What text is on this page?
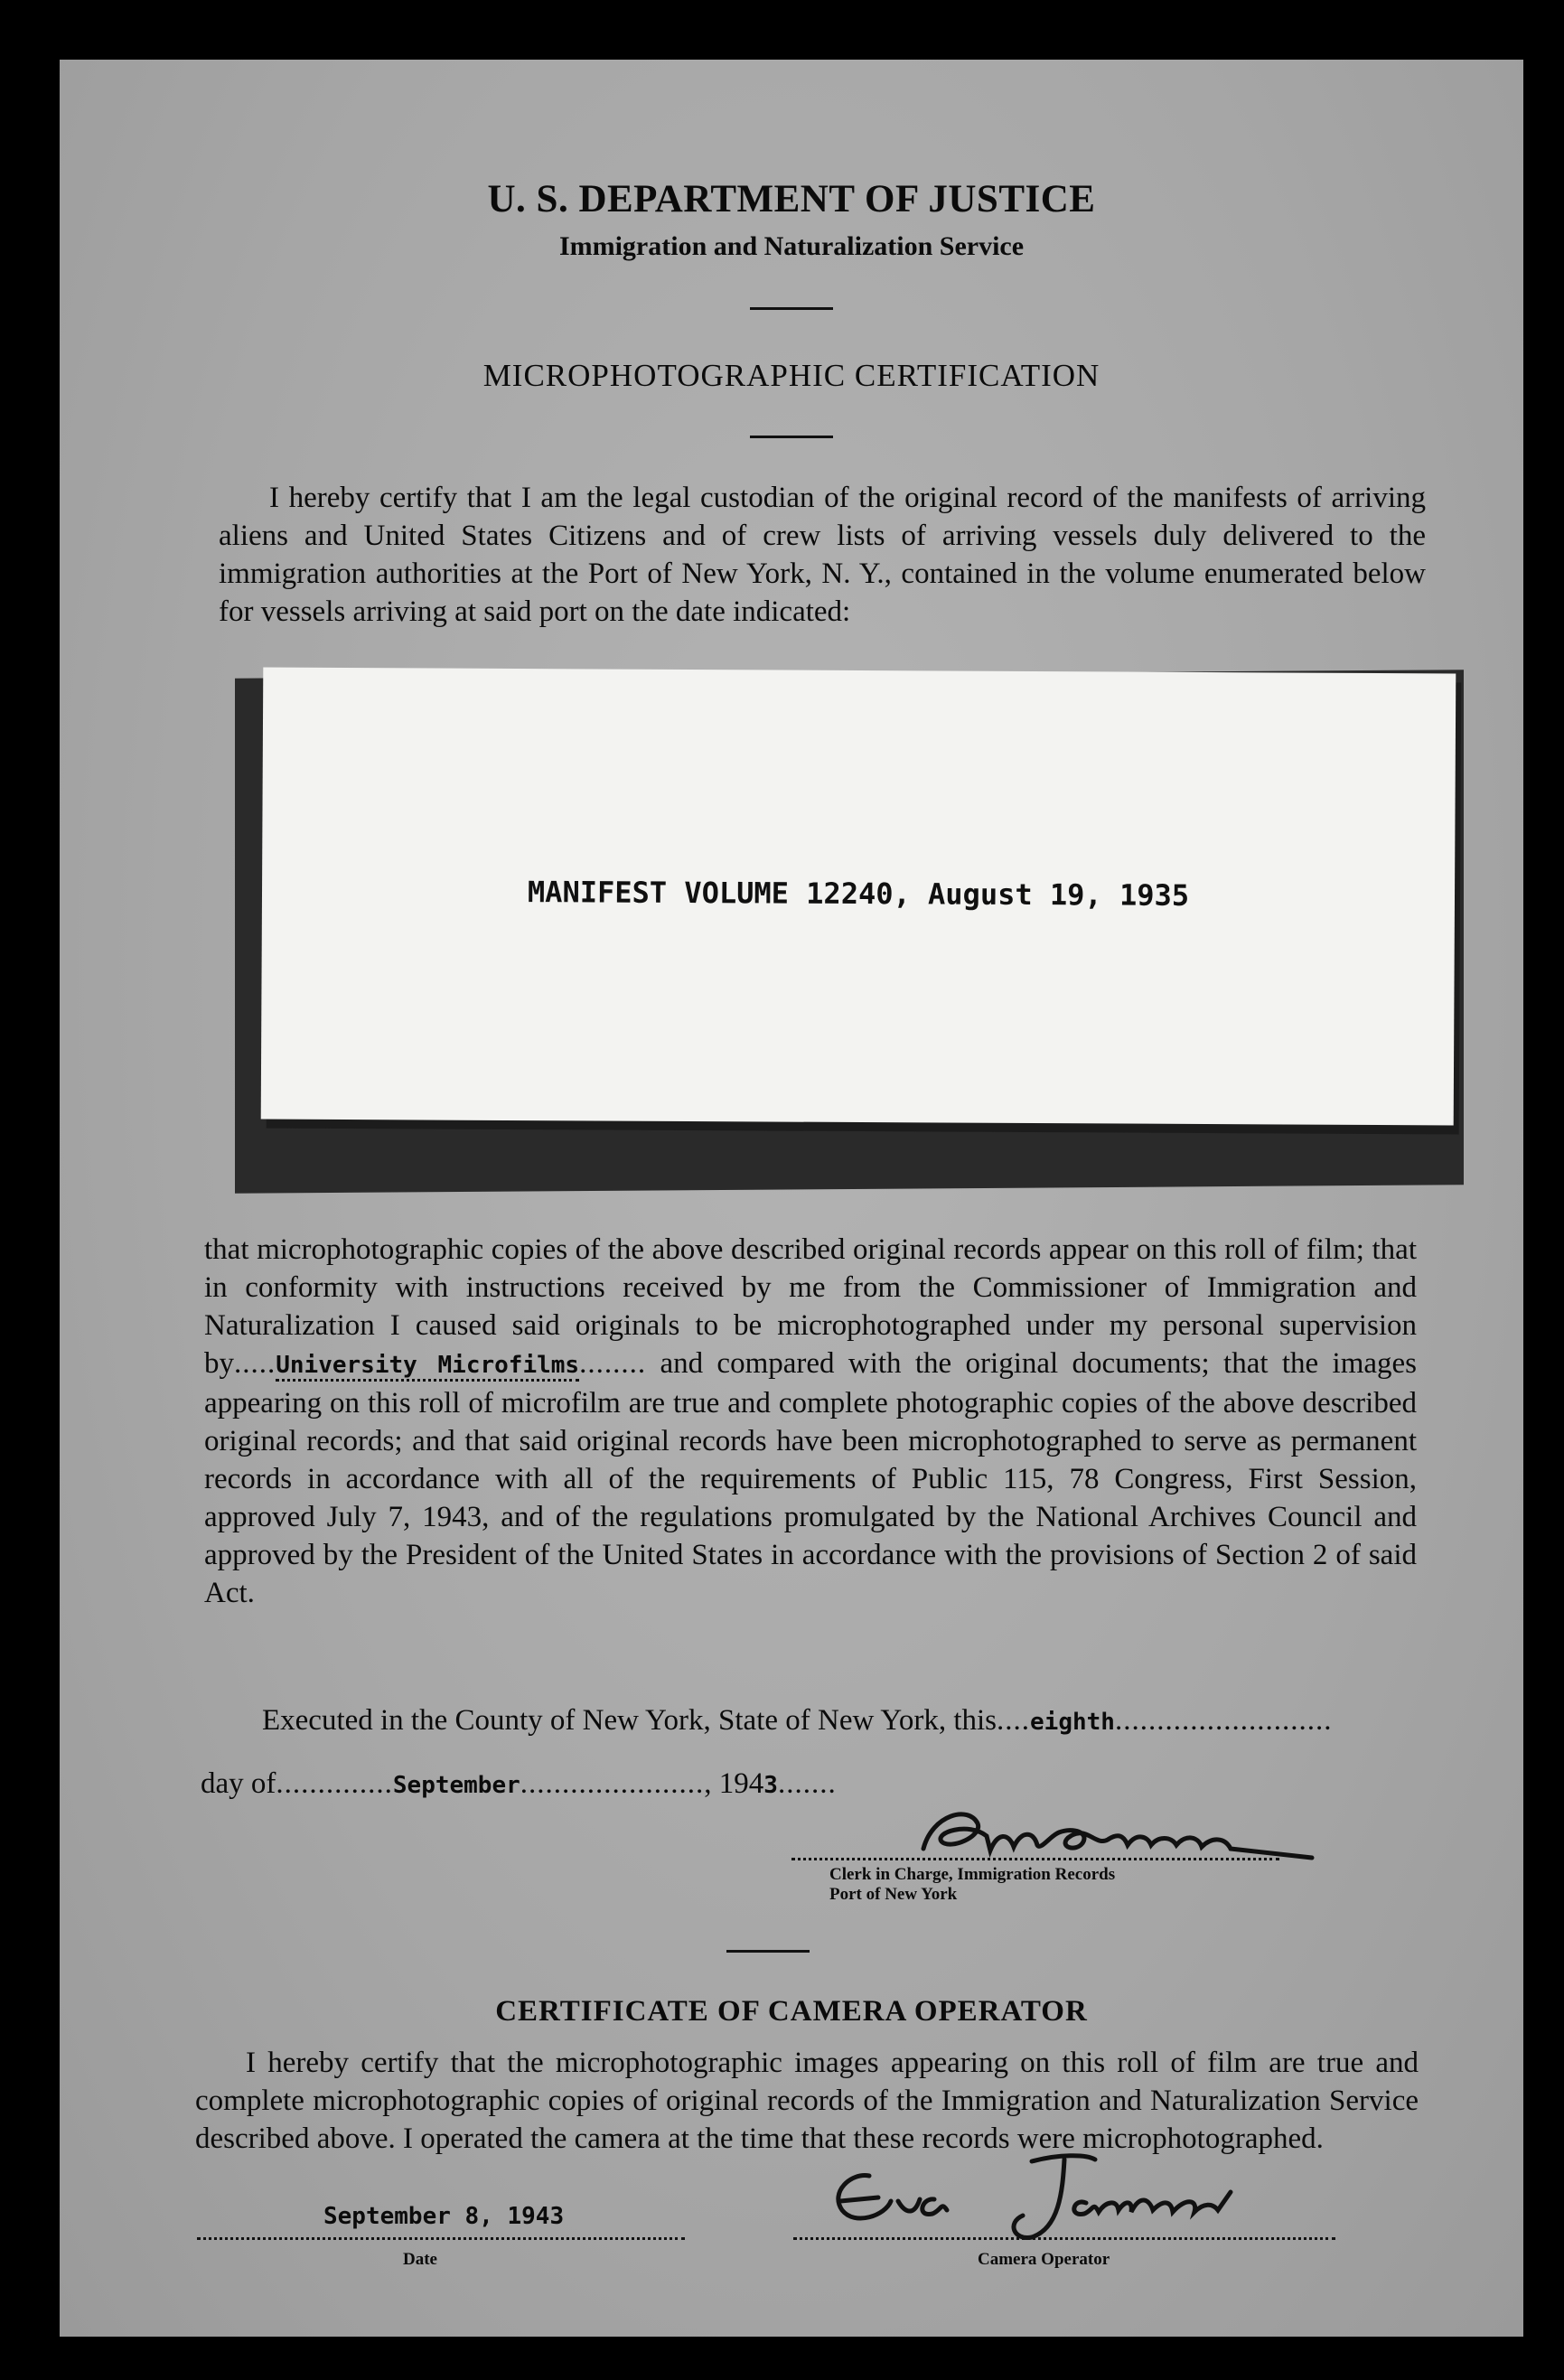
U. S. DEPARTMENT OF JUSTICE
Immigration and Naturalization Service
MICROPHOTOGRAPHIC CERTIFICATION
I hereby certify that I am the legal custodian of the original record of the manifests of arriving aliens and United States Citizens and of crew lists of arriving vessels duly delivered to the immigration authorities at the Port of New York, N. Y., contained in the volume enumerated below for vessels arriving at said port on the date indicated:
MANIFEST VOLUME 12240, August 19, 1935
that microphotographic copies of the above described original records appear on this roll of film; that in conformity with instructions received by me from the Commissioner of Immigration and Naturalization I caused said originals to be microphotographed under my personal supervision by.....University Microfilms........ and compared with the original documents; that the images appearing on this roll of microfilm are true and complete photographic copies of the above described original records; and that said original records have been microphotographed to serve as permanent records in accordance with all of the requirements of Public 115, 78 Congress, First Session, approved July 7, 1943, and of the regulations promulgated by the National Archives Council and approved by the President of the United States in accordance with the provisions of Section 2 of said Act.
Executed in the County of New York, State of New York, this....eighth..........................
day of..............September......................, 1943.......
Clerk in Charge, Immigration Records
Port of New York
CERTIFICATE OF CAMERA OPERATOR
I hereby certify that the microphotographic images appearing on this roll of film are true and complete microphotographic copies of original records of the Immigration and Naturalization Service described above. I operated the camera at the time that these records were microphotographed.
September 8, 1943
Date	Camera Operator
